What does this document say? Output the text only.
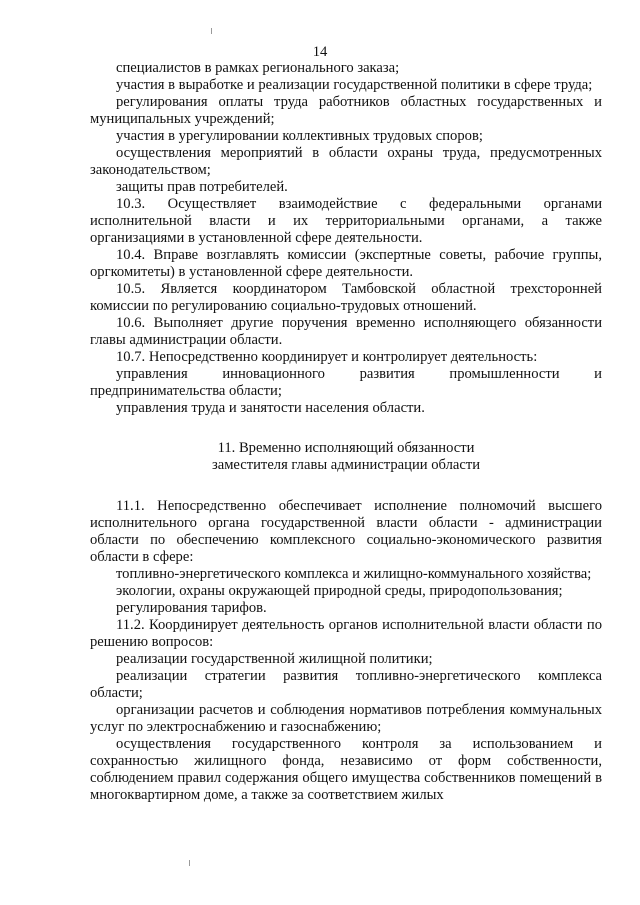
14

специалистов в рамках регионального заказа;

участия в выработке и реализации государственной политики в сфере труда;

регулирования оплаты труда работников областных государственных и муниципальных учреждений;

участия в урегулировании коллективных трудовых споров;

осуществления мероприятий в области охраны труда, предусмотренных законодательством;

защиты прав потребителей.

10.3. Осуществляет взаимодействие с федеральными органами исполнительной власти и их территориальными органами, а также организациями в установленной сфере деятельности.

10.4. Вправе возглавлять комиссии (экспертные советы, рабочие группы, оргкомитеты) в установленной сфере деятельности.

10.5. Является координатором Тамбовской областной трехсторонней комиссии по регулированию социально-трудовых отношений.

10.6. Выполняет другие поручения временно исполняющего обязанности главы администрации области.

10.7. Непосредственно координирует и контролирует деятельность:

управления инновационного развития промышленности и предпринимательства области;

управления труда и занятости населения области.

11. Временно исполняющий обязанности
заместителя главы администрации области

11.1. Непосредственно обеспечивает исполнение полномочий высшего исполнительного органа государственной власти области - администрации области по обеспечению комплексного социально-экономического развития области в сфере:

топливно-энергетического комплекса и жилищно-коммунального хозяйства;

экологии, охраны окружающей природной среды, природопользования;

регулирования тарифов.

11.2. Координирует деятельность органов исполнительной власти области по решению вопросов:

реализации государственной жилищной политики;

реализации стратегии развития топливно-энергетического комплекса области;

организации расчетов и соблюдения нормативов потребления коммунальных услуг по электроснабжению и газоснабжению;

осуществления государственного контроля за использованием и сохранностью жилищного фонда, независимо от форм собственности, соблюдением правил содержания общего имущества собственников помещений в многоквартирном доме, а также за соответствием жилых
